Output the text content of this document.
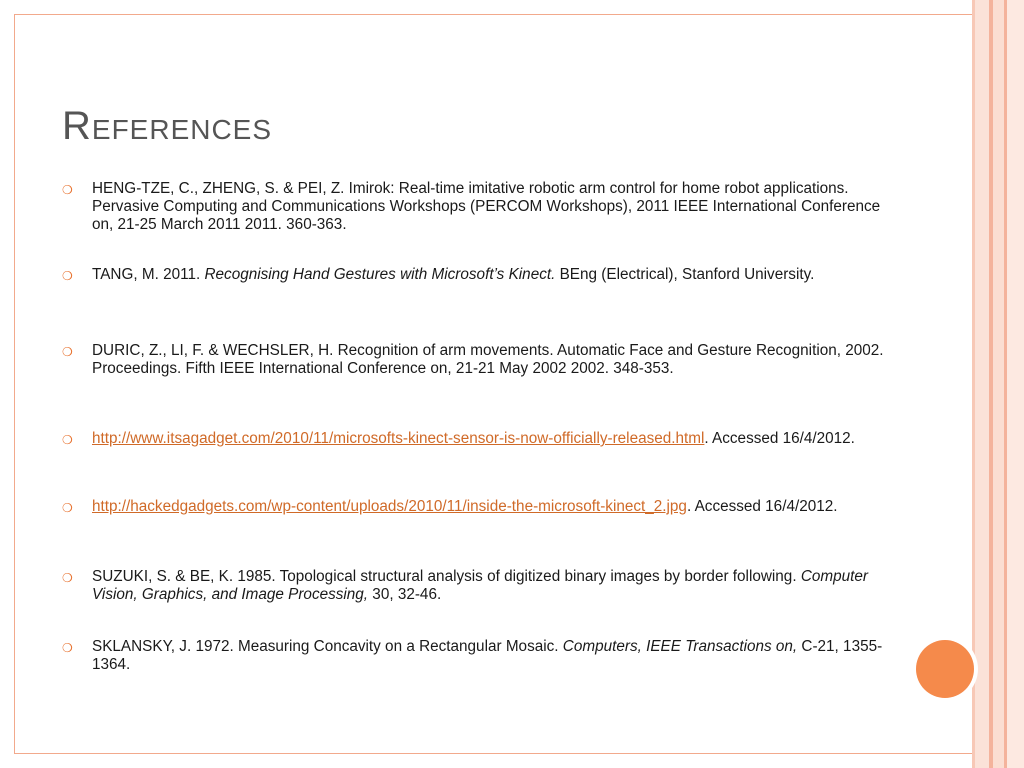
References
❍ HENG-TZE, C., ZHENG, S. & PEI, Z. Imirok: Real-time imitative robotic arm control for home robot applications. Pervasive Computing and Communications Workshops (PERCOM Workshops), 2011 IEEE International Conference on, 21-25 March 2011 2011. 360-363.
❍ TANG, M. 2011. Recognising Hand Gestures with Microsoft’s Kinect. BEng (Electrical), Stanford University.
❍ DURIC, Z., LI, F. & WECHSLER, H. Recognition of arm movements. Automatic Face and Gesture Recognition, 2002. Proceedings. Fifth IEEE International Conference on, 21-21 May 2002 2002. 348-353.
❍ http://www.itsagadget.com/2010/11/microsofts-kinect-sensor-is-now-officially-released.html. Accessed 16/4/2012.
❍ http://hackedgadgets.com/wp-content/uploads/2010/11/inside-the-microsoft-kinect_2.jpg. Accessed 16/4/2012.
❍ SUZUKI, S. & BE, K. 1985. Topological structural analysis of digitized binary images by border following. Computer Vision, Graphics, and Image Processing, 30, 32-46.
❍ SKLANSKY, J. 1972. Measuring Concavity on a Rectangular Mosaic. Computers, IEEE Transactions on, C-21, 1355-1364.
